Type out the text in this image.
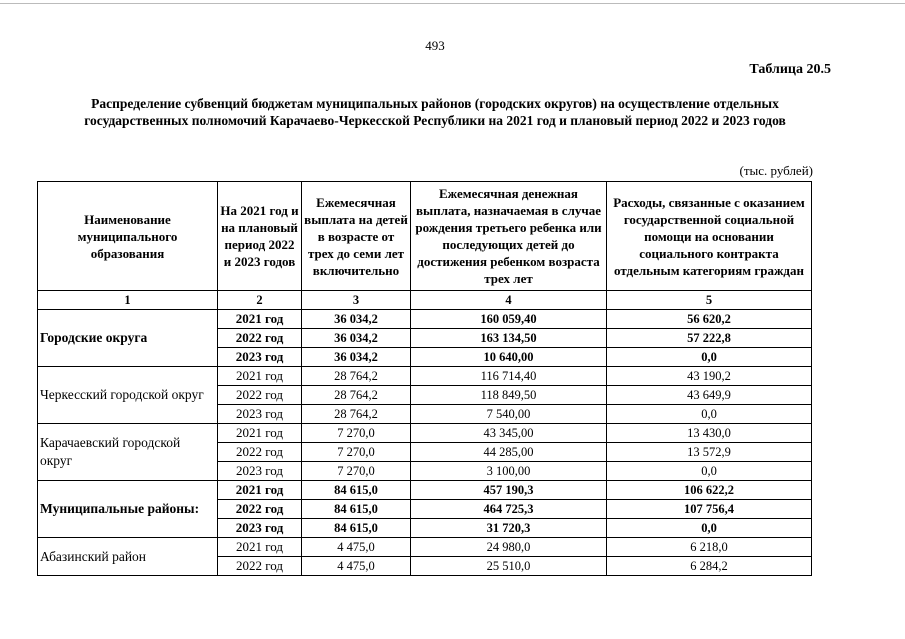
493
Таблица 20.5
Распределение субвенций бюджетам муниципальных районов (городских округов) на осуществление отдельных государственных полномочий Карачаево-Черкесской Республики на 2021 год и плановый период 2022 и 2023 годов
(тыс. рублей)
Наименование муниципального образования	На 2021 год и на плановый период 2022 и 2023 годов	Ежемесячная выплата на детей в возрасте от трех до семи лет включительно	Ежемесячная денежная выплата, назначаемая в случае рождения третьего ребенка или последующих детей до достижения ребенком возраста трех лет	Расходы, связанные с оказанием государственной социальной помощи на основании социального контракта отдельным категориям граждан
1	2	3	4	5
Городские округа	2021 год	36 034,2	160 059,40	56 620,2
	2022 год	36 034,2	163 134,50	57 222,8
	2023 год	36 034,2	10 640,00	0,0
Черкесский городской округ	2021 год	28 764,2	116 714,40	43 190,2
	2022 год	28 764,2	118 849,50	43 649,9
	2023 год	28 764,2	7 540,00	0,0
Карачаевский городской округ	2021 год	7 270,0	43 345,00	13 430,0
	2022 год	7 270,0	44 285,00	13 572,9
	2023 год	7 270,0	3 100,00	0,0
Муниципальные районы:	2021 год	84 615,0	457 190,3	106 622,2
	2022 год	84 615,0	464 725,3	107 756,4
	2023 год	84 615,0	31 720,3	0,0
Абазинский район	2021 год	4 475,0	24 980,0	6 218,0
	2022 год	4 475,0	25 510,0	6 284,2
